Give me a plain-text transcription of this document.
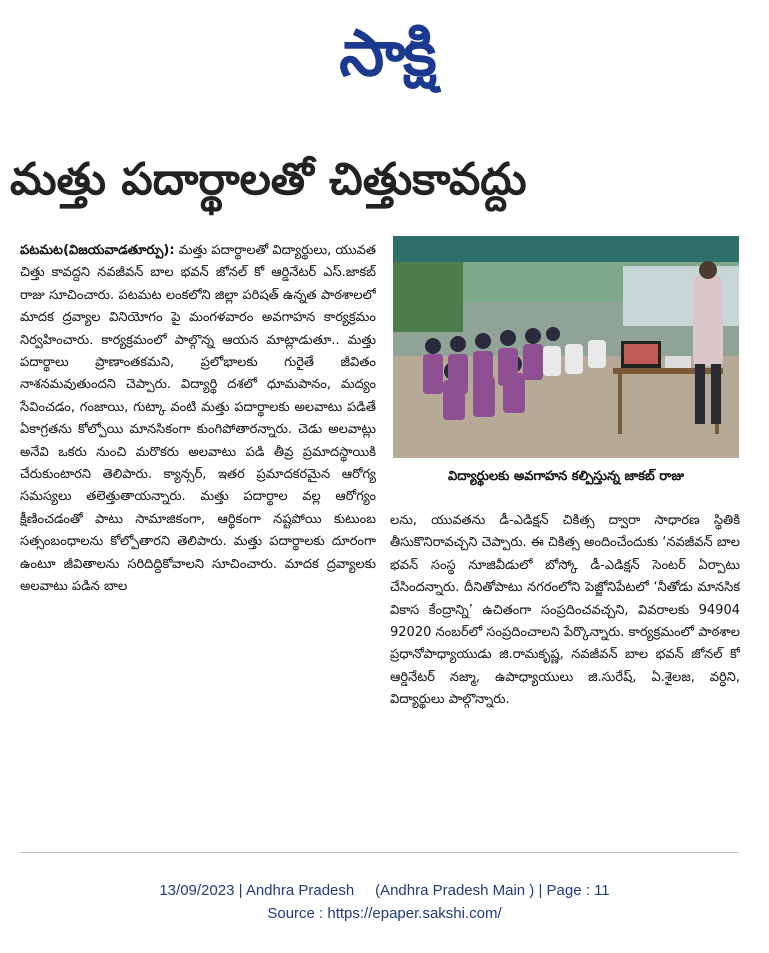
సాక్షి
మత్తు పదార్థాలతో చిత్తుకావద్దు

పటమట(విజయవాడతూర్పు): మత్తు పదార్థాలతో విద్యార్థులు, యువత చిత్తు కావద్దని నవజీవన్ బాల భవన్ జోనల్ కో ఆర్డినేటర్ ఎస్.జాకబ్ రాజు సూచించారు. పటమట లంకలోని జిల్లా పరిషత్ ఉన్నత పాఠశాలలో మాదక ద్రవ్యాల వినియోగం పై మంగళవారం అవగాహన కార్యక్రమం నిర్వహించారు. కార్యక్రమంలో పాల్గొన్న ఆయన మాట్లాడుతూ.. మత్తు పదార్థాలు ప్రాణాంతకమని, ప్రలోభాలకు గురైతే జీవితం నాశనమవుతుందని చెప్పారు. విద్యార్థి దశలో ధూమపానం, మద్యం సేవించడం, గంజాయి, గుట్కా వంటి మత్తు పదార్థాలకు అలవాటు పడితే ఏకాగ్రతను కోల్పోయి మానసికంగా కుంగిపోతారన్నారు. చెడు అలవాట్లు అనేవి ఒకరు నుంచి మరొకరు అలవాటు పడి తీవ్ర ప్రమాదస్థాయికి చేరుకుంటారని తెలిపారు. క్యాన్సర్, ఇతర ప్రమాదకరమైన ఆరోగ్య సమస్యలు తలెత్తుతాయన్నారు. మత్తు పదార్థాల వల్ల ఆరోగ్యం క్షీణించడంతో పాటు సామాజికంగా, ఆర్థికంగా నష్టపోయి కుటుంబ సత్సంబంధాలను కోల్పోతారని తెలిపారు. మత్తు పదార్థాలకు దూరంగా ఉంటూ జీవితాలను సరిదిద్దికోవాలని సూచించారు. మాదక ద్రవ్యాలకు అలవాటు పడిన బాల

విద్యార్థులకు అవగాహన కల్పిస్తున్న జాకబ్ రాజు

లను, యువతను డీ-ఎడిక్షన్ చికిత్స ద్వారా సాధారణ స్థితికి తీసుకొనిరావచ్చని చెప్పారు. ఈ చికిత్స అందించేందుకు ‘నవజీవన్ బాల భవన్ సంస్థ నూజివీడులో బోస్కో డీ-ఎడిక్షన్ సెంటర్ ఏర్పాటు చేసిందన్నారు. దీనితోపాటు నగరంలోని పెజ్జోనిపేటలో ‘నీతోడు మానసిక వికాస కేంద్రాన్ని’ ఉచితంగా సంప్రదించవచ్చని, వివరాలకు 94904 92020 నంబర్‌లో సంప్రదించాలని పేర్కొన్నారు. కార్యక్రమంలో పాఠశాల ప్రధానోపాధ్యాయుడు జి.రామకృష్ణ, నవజీవన్ బాల భవన్ జోనల్ కో ఆర్డినేటర్ నజ్మా, ఉపాధ్యాయులు జి.సురేష్, ఏ.శైలజ, వర్ధిని, విద్యార్థులు పాల్గొన్నారు.

13/09/2023 | Andhra Pradesh     (Andhra Pradesh Main ) | Page : 11
Source : https://epaper.sakshi.com/
